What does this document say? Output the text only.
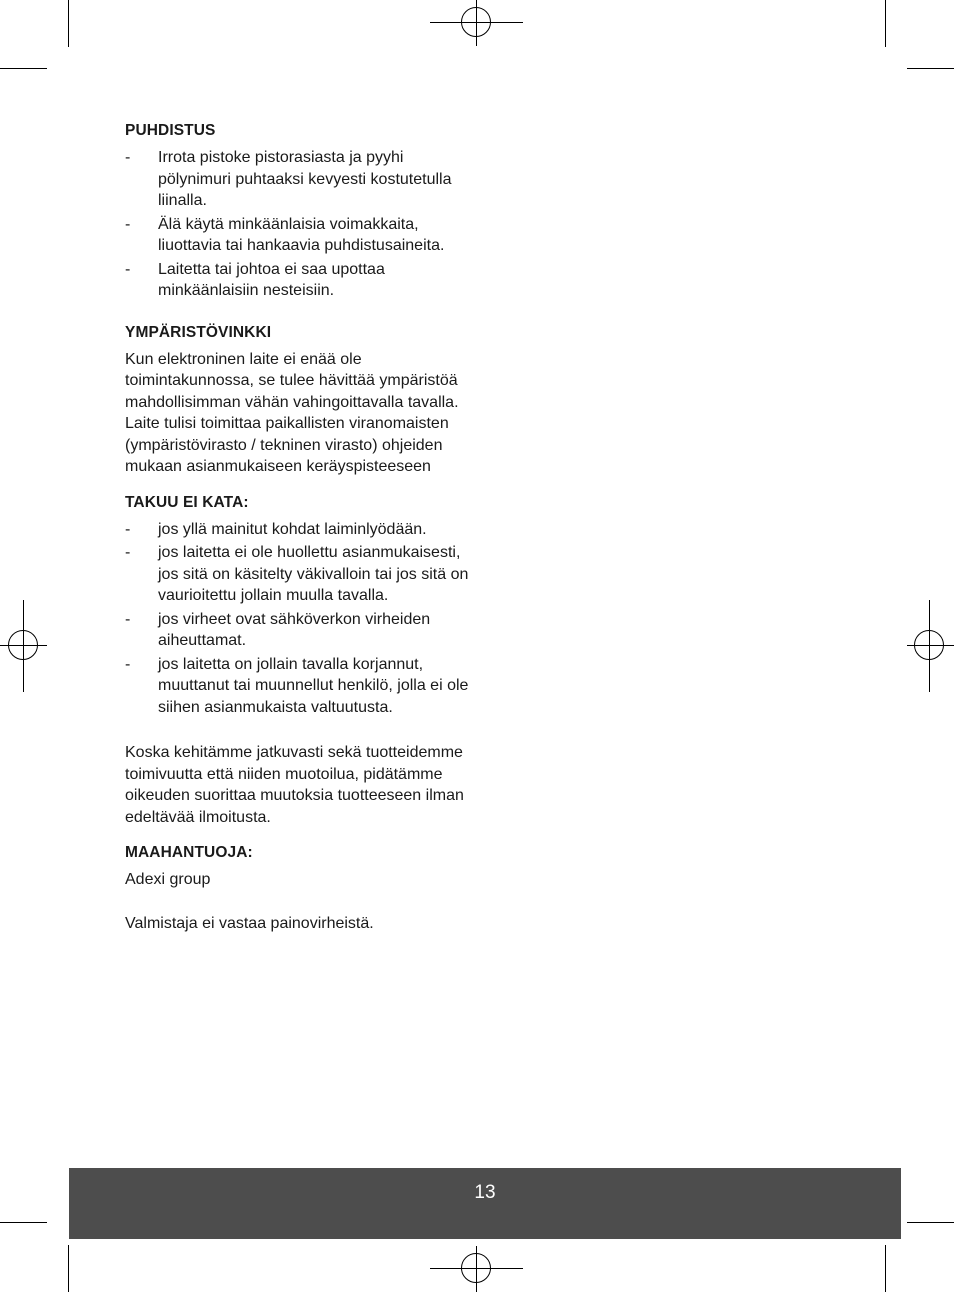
PUHDISTUS
- Irrota pistoke pistorasiasta ja pyyhi pölynimuri puhtaaksi kevyesti kostutetulla liinalla.
- Älä käytä minkäänlaisia voimakkaita, liuottavia tai hankaavia puhdistusaineita.
- Laitetta tai johtoa ei saa upottaa minkäänlaisiin nesteisiin.
YMPÄRISTÖVINKKI

Kun elektroninen laite ei enää ole toimintakunnossa, se tulee hävittää ympäristöä mahdollisimman vähän vahingoittavalla tavalla. Laite tulisi toimittaa paikallisten viranomaisten (ympäristövirasto / tekninen virasto) ohjeiden mukaan asianmukaiseen keräyspisteeseen

TAKUU EI KATA:
- jos yllä mainitut kohdat laiminlyödään.
- jos laitetta ei ole huollettu asianmukaisesti, jos sitä on käsitelty väkivalloin tai jos sitä on vaurioitettu jollain muulla tavalla.
- jos virheet ovat sähköverkon virheiden aiheuttamat.
- jos laitetta on jollain tavalla korjannut, muuttanut tai muunnellut henkilö, jolla ei ole siihen asianmukaista valtuutusta.

Koska kehitämme jatkuvasti sekä tuotteidemme toimivuutta että niiden muotoilua, pidätämme oikeuden suorittaa muutoksia tuotteeseen ilman edeltävää ilmoitusta.

MAAHANTUOJA:

Adexi group

Valmistaja ei vastaa painovirheistä.

13
